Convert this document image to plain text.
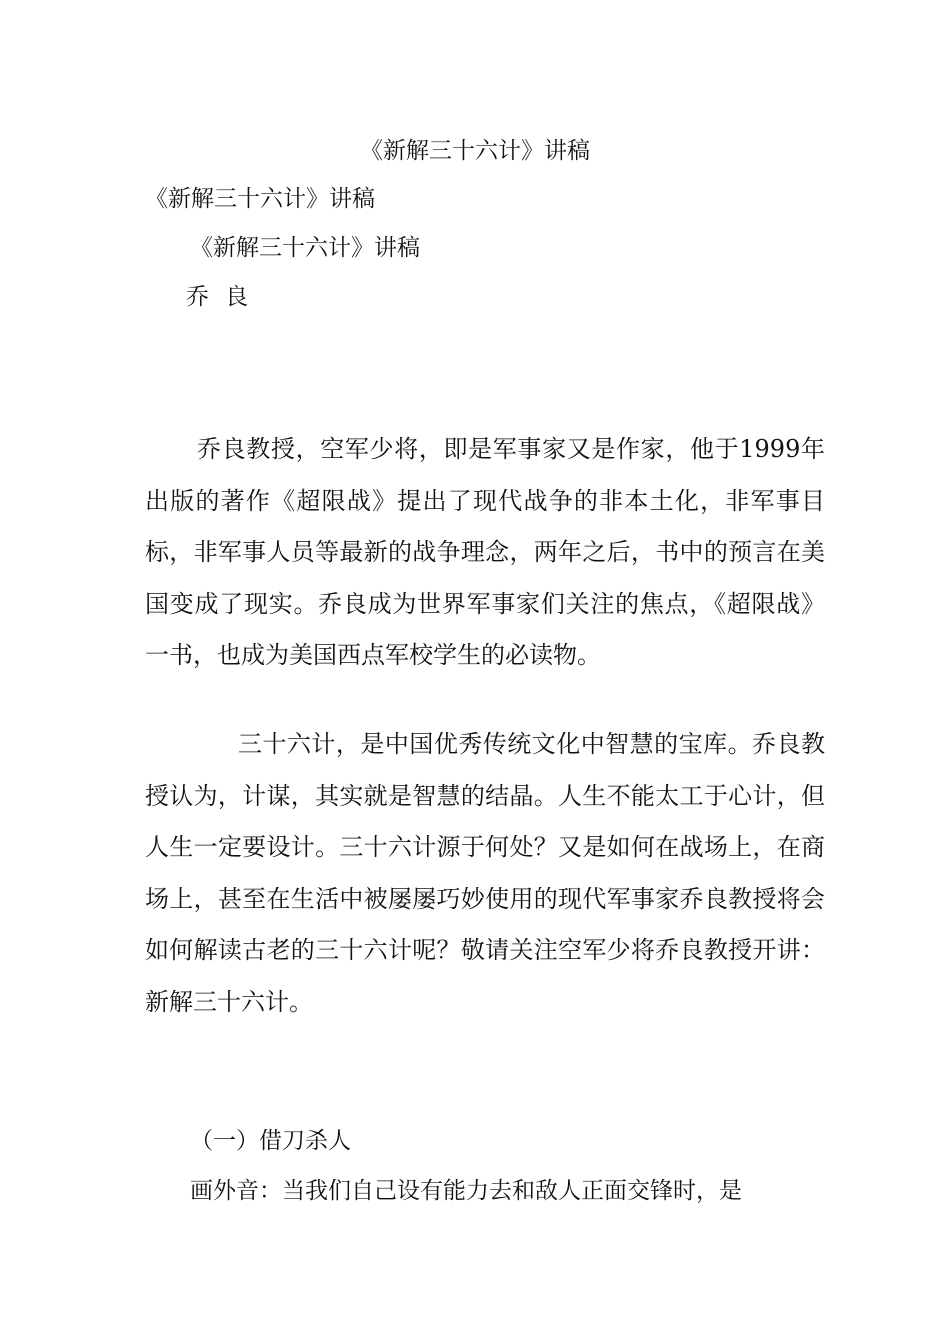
《新解三十六计》讲稿
《新解三十六计》讲稿
《新解三十六计》讲稿
乔良

乔良教授，空军少将，即是军事家又是作家，他于1999年出版的著作《超限战》提出了现代战争的非本土化，非军事目标，非军事人员等最新的战争理念，两年之后，书中的预言在美国变成了现实。乔良成为世界军事家们关注的焦点，《超限战》一书，也成为美国西点军校学生的必读物。

三十六计，是中国优秀传统文化中智慧的宝库。乔良教授认为，计谋，其实就是智慧的结晶。人生不能太工于心计，但人生一定要设计。三十六计源于何处？又是如何在战场上，在商场上，甚至在生活中被屡屡巧妙使用的现代军事家乔良教授将会如何解读古老的三十六计呢？敬请关注空军少将乔良教授开讲：新解三十六计。

（一）借刀杀人
画外音：当我们自己设有能力去和敌人正面交锋时，是
